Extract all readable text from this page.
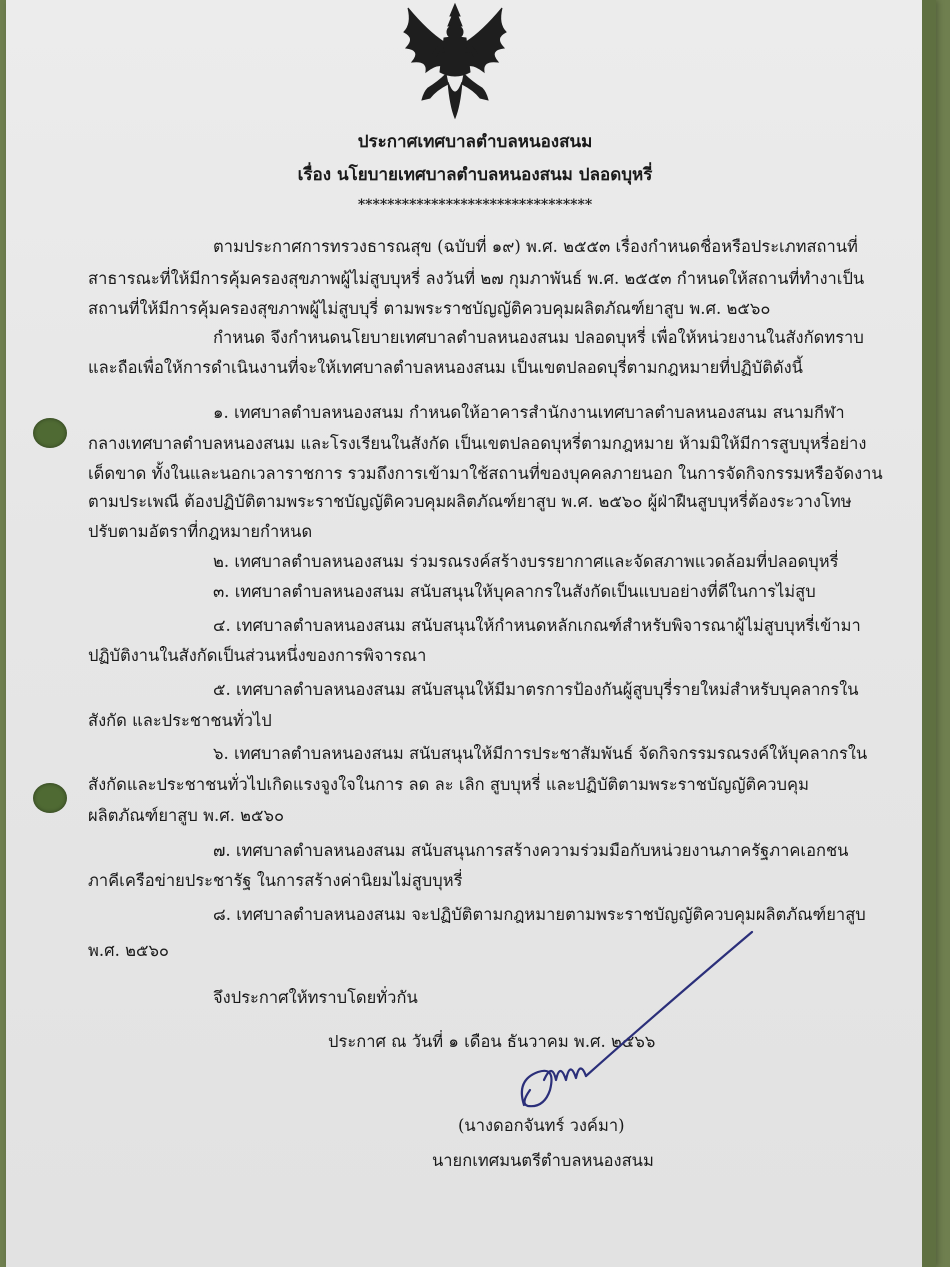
ประกาศเทศบาลตำบลหนองสนม
เรื่อง นโยบายเทศบาลตำบลหนองสนม ปลอดบุหรี่
********************************
ตามประกาศการทรวงธารณสุข (ฉบับที่ ๑๙) พ.ศ. ๒๕๕๓ เรื่องกำหนดชื่อหรือประเภทสถานที่
สาธารณะที่ให้มีการคุ้มครองสุขภาพผู้ไม่สูบบุหรี่ ลงวันที่ ๒๗ กุมภาพันธ์ พ.ศ. ๒๕๕๓ กำหนดให้สถานที่ทำงาเป็น
สถานที่ให้มีการคุ้มครองสุขภาพผู้ไม่สูบบุรี่ ตามพระราชบัญญัติควบคุมผลิตภัณฑ์ยาสูบ พ.ศ. ๒๕๖๐
กำหนด จึงกำหนดนโยบายเทศบาลตำบลหนองสนม ปลอดบุหรี่ เพื่อให้หน่วยงานในสังกัดทราบ
และถือเพื่อให้การดำเนินงานที่จะให้เทศบาลตำบลหนองสนม เป็นเขตปลอดบุรี่ตามกฎหมายที่ปฏิบัติดังนี้
๑. เทศบาลตำบลหนองสนม กำหนดให้อาคารสำนักงานเทศบาลตำบลหนองสนม สนามกีฬา
กลางเทศบาลตำบลหนองสนม และโรงเรียนในสังกัด เป็นเขตปลอดบุหรี่ตามกฎหมาย ห้ามมิให้มีการสูบบุหรี่อย่าง
เด็ดขาด ทั้งในและนอกเวลาราชการ รวมถึงการเข้ามาใช้สถานที่ของบุคคลภายนอก ในการจัดกิจกรรมหรือจัดงาน
ตามประเพณี ต้องปฏิบัติตามพระราชบัญญัติควบคุมผลิตภัณฑ์ยาสูบ พ.ศ. ๒๕๖๐ ผู้ฝ่าฝืนสูบบุหรี่ต้องระวางโทษ
ปรับตามอัตราที่กฎหมายกำหนด
๒. เทศบาลตำบลหนองสนม ร่วมรณรงค์สร้างบรรยากาศและจัดสภาพแวดล้อมที่ปลอดบุหรี่
๓. เทศบาลตำบลหนองสนม สนับสนุนให้บุคลากรในสังกัดเป็นแบบอย่างที่ดีในการไม่สูบ
๔. เทศบาลตำบลหนองสนม สนับสนุนให้กำหนดหลักเกณฑ์สำหรับพิจารณาผู้ไม่สูบบุหรี่เข้ามา
ปฏิบัติงานในสังกัดเป็นส่วนหนึ่งของการพิจารณา
๕. เทศบาลตำบลหนองสนม สนับสนุนให้มีมาตรการป้องกันผู้สูบบุรี่รายใหม่สำหรับบุคลากรใน
สังกัด และประชาชนทั่วไป
๖. เทศบาลตำบลหนองสนม สนับสนุนให้มีการประชาสัมพันธ์ จัดกิจกรรมรณรงค์ให้บุคลากรใน
สังกัดและประชาชนทั่วไปเกิดแรงจูงใจในการ ลด ละ เลิก สูบบุหรี่ และปฏิบัติตามพระราชบัญญัติควบคุม
ผลิตภัณฑ์ยาสูบ พ.ศ. ๒๕๖๐
๗. เทศบาลตำบลหนองสนม สนับสนุนการสร้างความร่วมมือกับหน่วยงานภาครัฐภาคเอกชน
ภาคีเครือข่ายประชารัฐ ในการสร้างค่านิยมไม่สูบบุหรี่
๘. เทศบาลตำบลหนองสนม จะปฏิบัติตามกฎหมายตามพระราชบัญญัติควบคุมผลิตภัณฑ์ยาสูบ
พ.ศ. ๒๕๖๐
จึงประกาศให้ทราบโดยทั่วกัน
ประกาศ ณ วันที่ ๑ เดือน ธันวาคม พ.ศ. ๒๕๖๖
(นางดอกจันทร์ วงค์มา)
นายกเทศมนตรีตำบลหนองสนม
